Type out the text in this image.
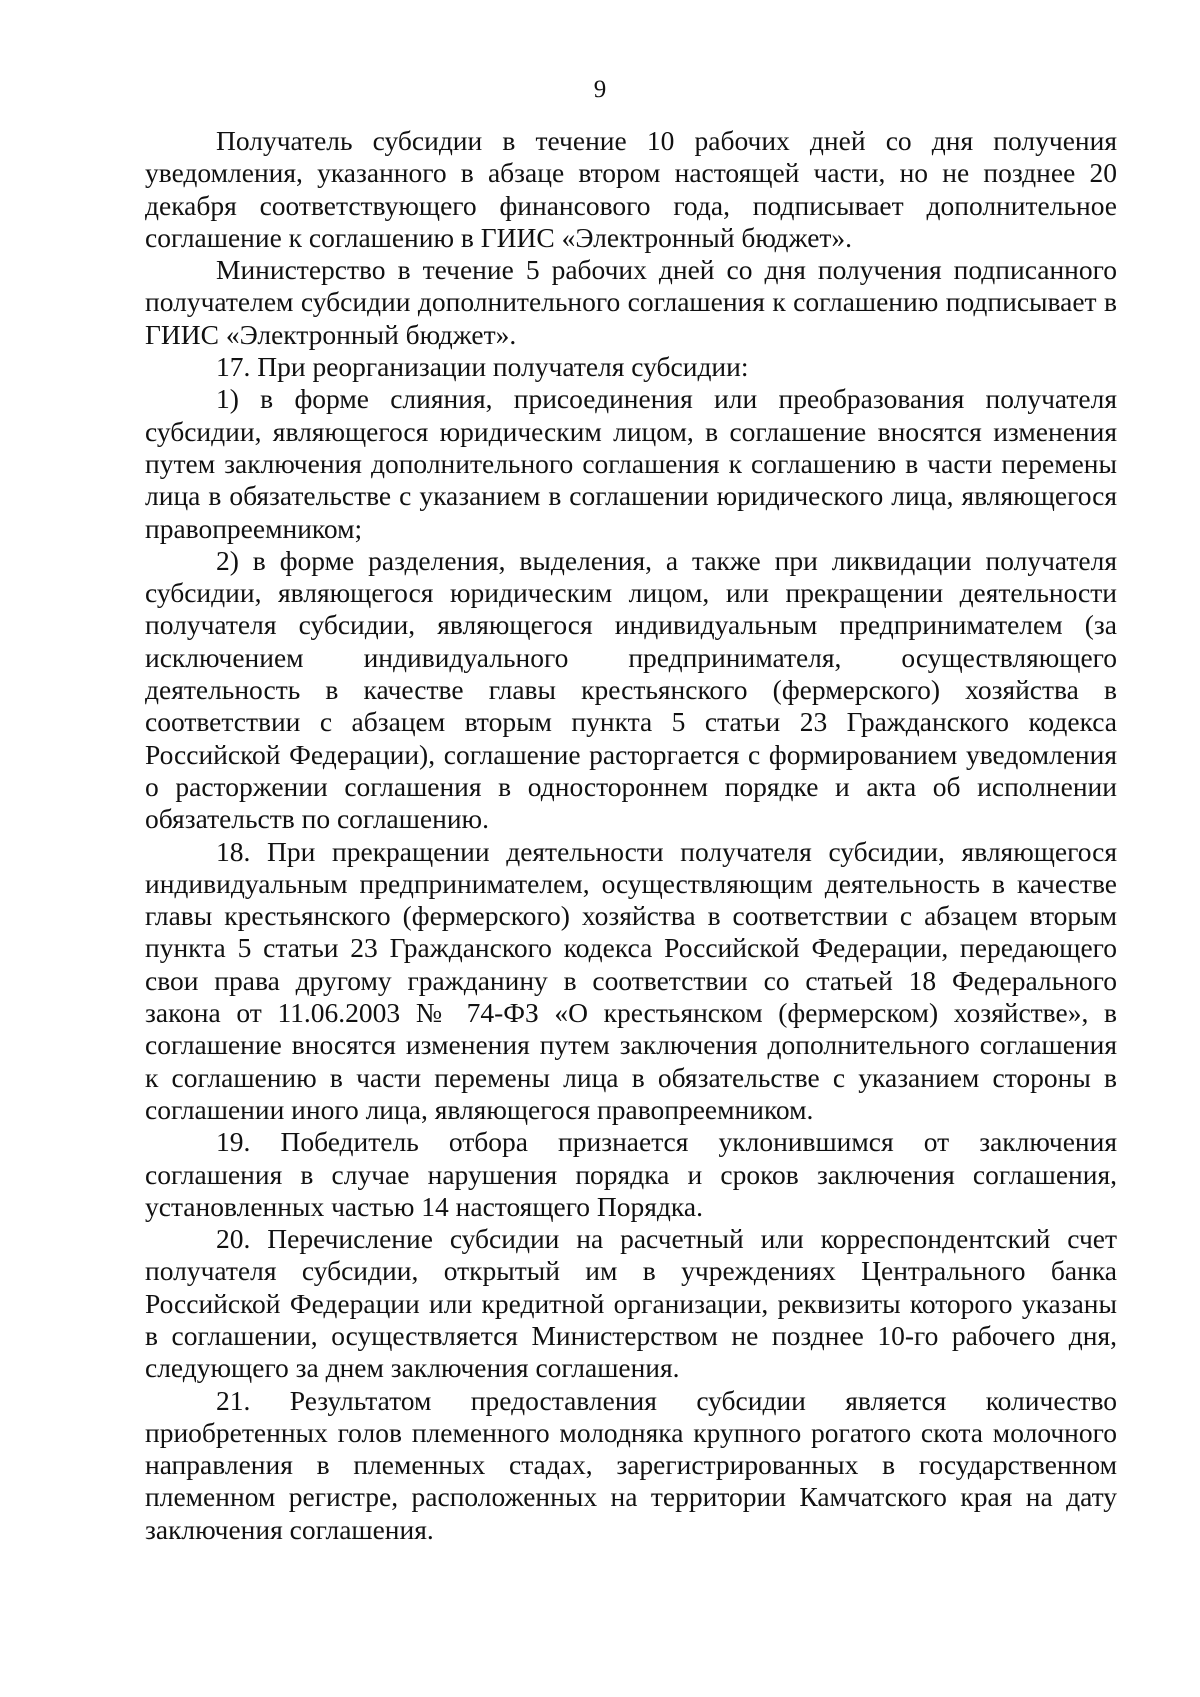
9

Получатель субсидии в течение 10 рабочих дней со дня получения уведомления, указанного в абзаце втором настоящей части, но не позднее 20 декабря соответствующего финансового года, подписывает дополнительное соглашение к соглашению в ГИИС «Электронный бюджет».

Министерство в течение 5 рабочих дней со дня получения подписанного получателем субсидии дополнительного соглашения к соглашению подписывает в ГИИС «Электронный бюджет».

17. При реорганизации получателя субсидии:

1) в форме слияния, присоединения или преобразования получателя субсидии, являющегося юридическим лицом, в соглашение вносятся изменения путем заключения дополнительного соглашения к соглашению в части перемены лица в обязательстве с указанием в соглашении юридического лица, являющегося правопреемником;

2) в форме разделения, выделения, а также при ликвидации получателя субсидии, являющегося юридическим лицом, или прекращении деятельности получателя субсидии, являющегося индивидуальным предпринимателем (за исключением индивидуального предпринимателя, осуществляющего деятельность в качестве главы крестьянского (фермерского) хозяйства в соответствии с абзацем вторым пункта 5 статьи 23 Гражданского кодекса Российской Федерации), соглашение расторгается с формированием уведомления о расторжении соглашения в одностороннем порядке и акта об исполнении обязательств по соглашению.

18. При прекращении деятельности получателя субсидии, являющегося индивидуальным предпринимателем, осуществляющим деятельность в качестве главы крестьянского (фермерского) хозяйства в соответствии с абзацем вторым пункта 5 статьи 23 Гражданского кодекса Российской Федерации, передающего свои права другому гражданину в соответствии со статьей 18 Федерального закона от 11.06.2003 № 74-ФЗ «О крестьянском (фермерском) хозяйстве», в соглашение вносятся изменения путем заключения дополнительного соглашения к соглашению в части перемены лица в обязательстве с указанием стороны в соглашении иного лица, являющегося правопреемником.

19. Победитель отбора признается уклонившимся от заключения соглашения в случае нарушения порядка и сроков заключения соглашения, установленных частью 14 настоящего Порядка.

20. Перечисление субсидии на расчетный или корреспондентский счет получателя субсидии, открытый им в учреждениях Центрального банка Российской Федерации или кредитной организации, реквизиты которого указаны в соглашении, осуществляется Министерством не позднее 10-го рабочего дня, следующего за днем заключения соглашения.

21. Результатом предоставления субсидии является количество приобретенных голов племенного молодняка крупного рогатого скота молочного направления в племенных стадах, зарегистрированных в государственном племенном регистре, расположенных на территории Камчатского края на дату заключения соглашения.
